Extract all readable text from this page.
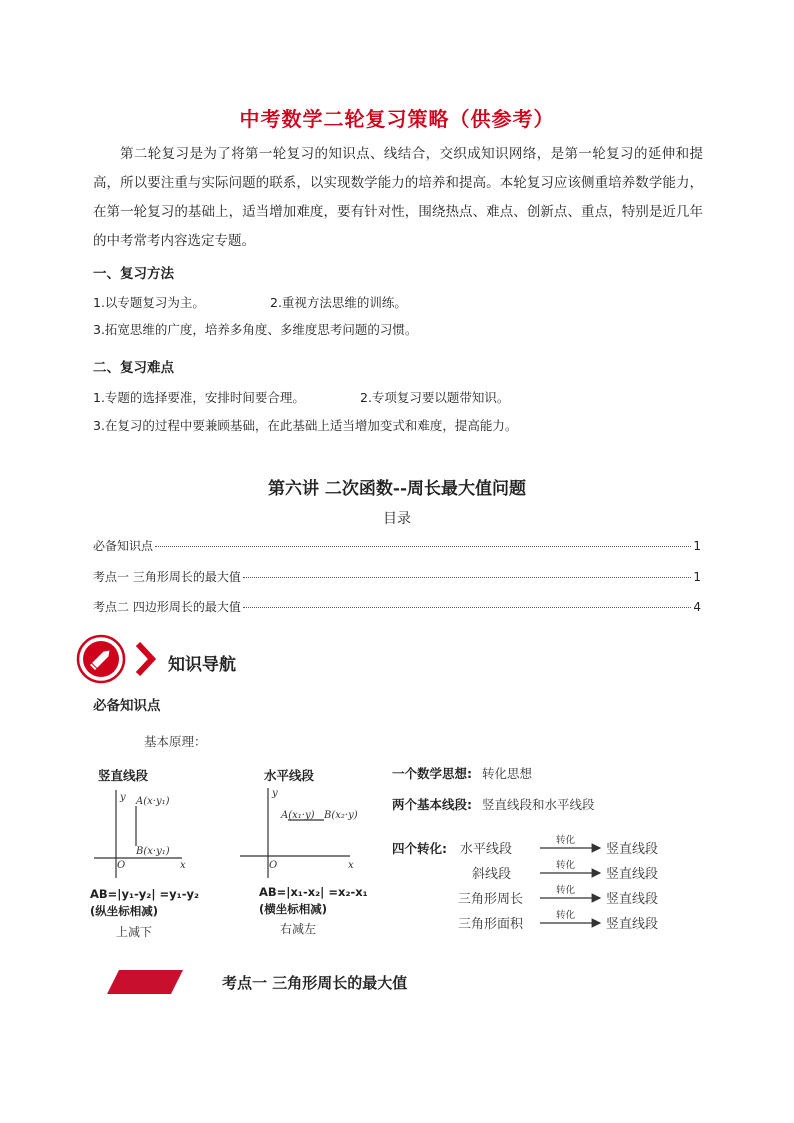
中考数学二轮复习策略（供参考）
第二轮复习是为了将第一轮复习的知识点、线结合，交织成知识网络，是第一轮复习的延伸和提高，所以要注重与实际问题的联系，以实现数学能力的培养和提高。本轮复习应该侧重培养数学能力，在第一轮复习的基础上，适当增加难度，要有针对性，围绕热点、难点、创新点、重点，特别是近几年的中考常考内容选定专题。
一、复习方法
1.以专题复习为主。	2.重视方法思维的训练。
3.拓宽思维的广度，培养多角度、多维度思考问题的习惯。
二、复习难点
1.专题的选择要准，安排时间要合理。	2.专项复习要以题带知识。
3.在复习的过程中要兼顾基础，在此基础上适当增加变式和难度，提高能力。
第六讲 二次函数--周长最大值问题
目录
必备知识点	1
考点一 三角形周长的最大值	1
考点二 四边形周长的最大值	4
知识导航
必备知识点
基本原理：
竖直线段
y
x
O
A(x·y₁)
B(x·y₁)
AB=|y₁-y₂| =y₁-y₂
(纵坐标相减)
上减下
水平线段
y
x
O
A(x₁·y) B(x₂·y)
AB=|x₁-x₂| =x₂-x₁
(横坐标相减)
右减左
一个数学思想: 转化思想
两个基本线段: 竖直线段和水平线段
四个转化: 水平线段
转化
竖直线段
斜线段
转化
竖直线段
三角形周长
转化
竖直线段
三角形面积
转化
竖直线段
考点一 三角形周长的最大值
